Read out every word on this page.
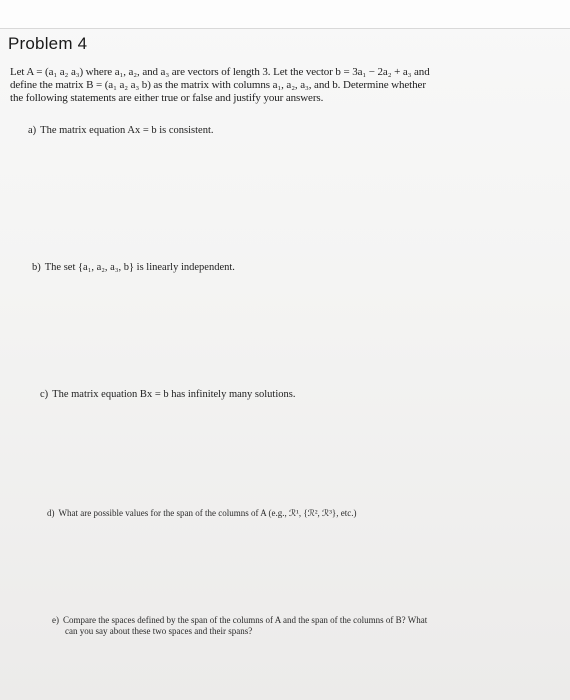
Problem 4
Let A = (a₁ a₂ a₃) where a₁, a₂, and a₃ are vectors of length 3. Let the vector b = 3a₁ − 2a₂ + a₃ and
define the matrix B = (a₁ a₂ a₃ b) as the matrix with columns a₁, a₂, a₃, and b. Determine whether
the following statements are either true or false and justify your answers.
a) The matrix equation Ax = b is consistent.
b) The set {a₁, a₂, a₃, b} is linearly independent.
c) The matrix equation Bx = b has infinitely many solutions.
d) What are possible values for the span of the columns of A (e.g., ℛ¹, {ℛ², ℛ³}, etc.)
e) Compare the spaces defined by the span of the columns of A and the span of the columns of B? What
can you say about these two spaces and their spans?
